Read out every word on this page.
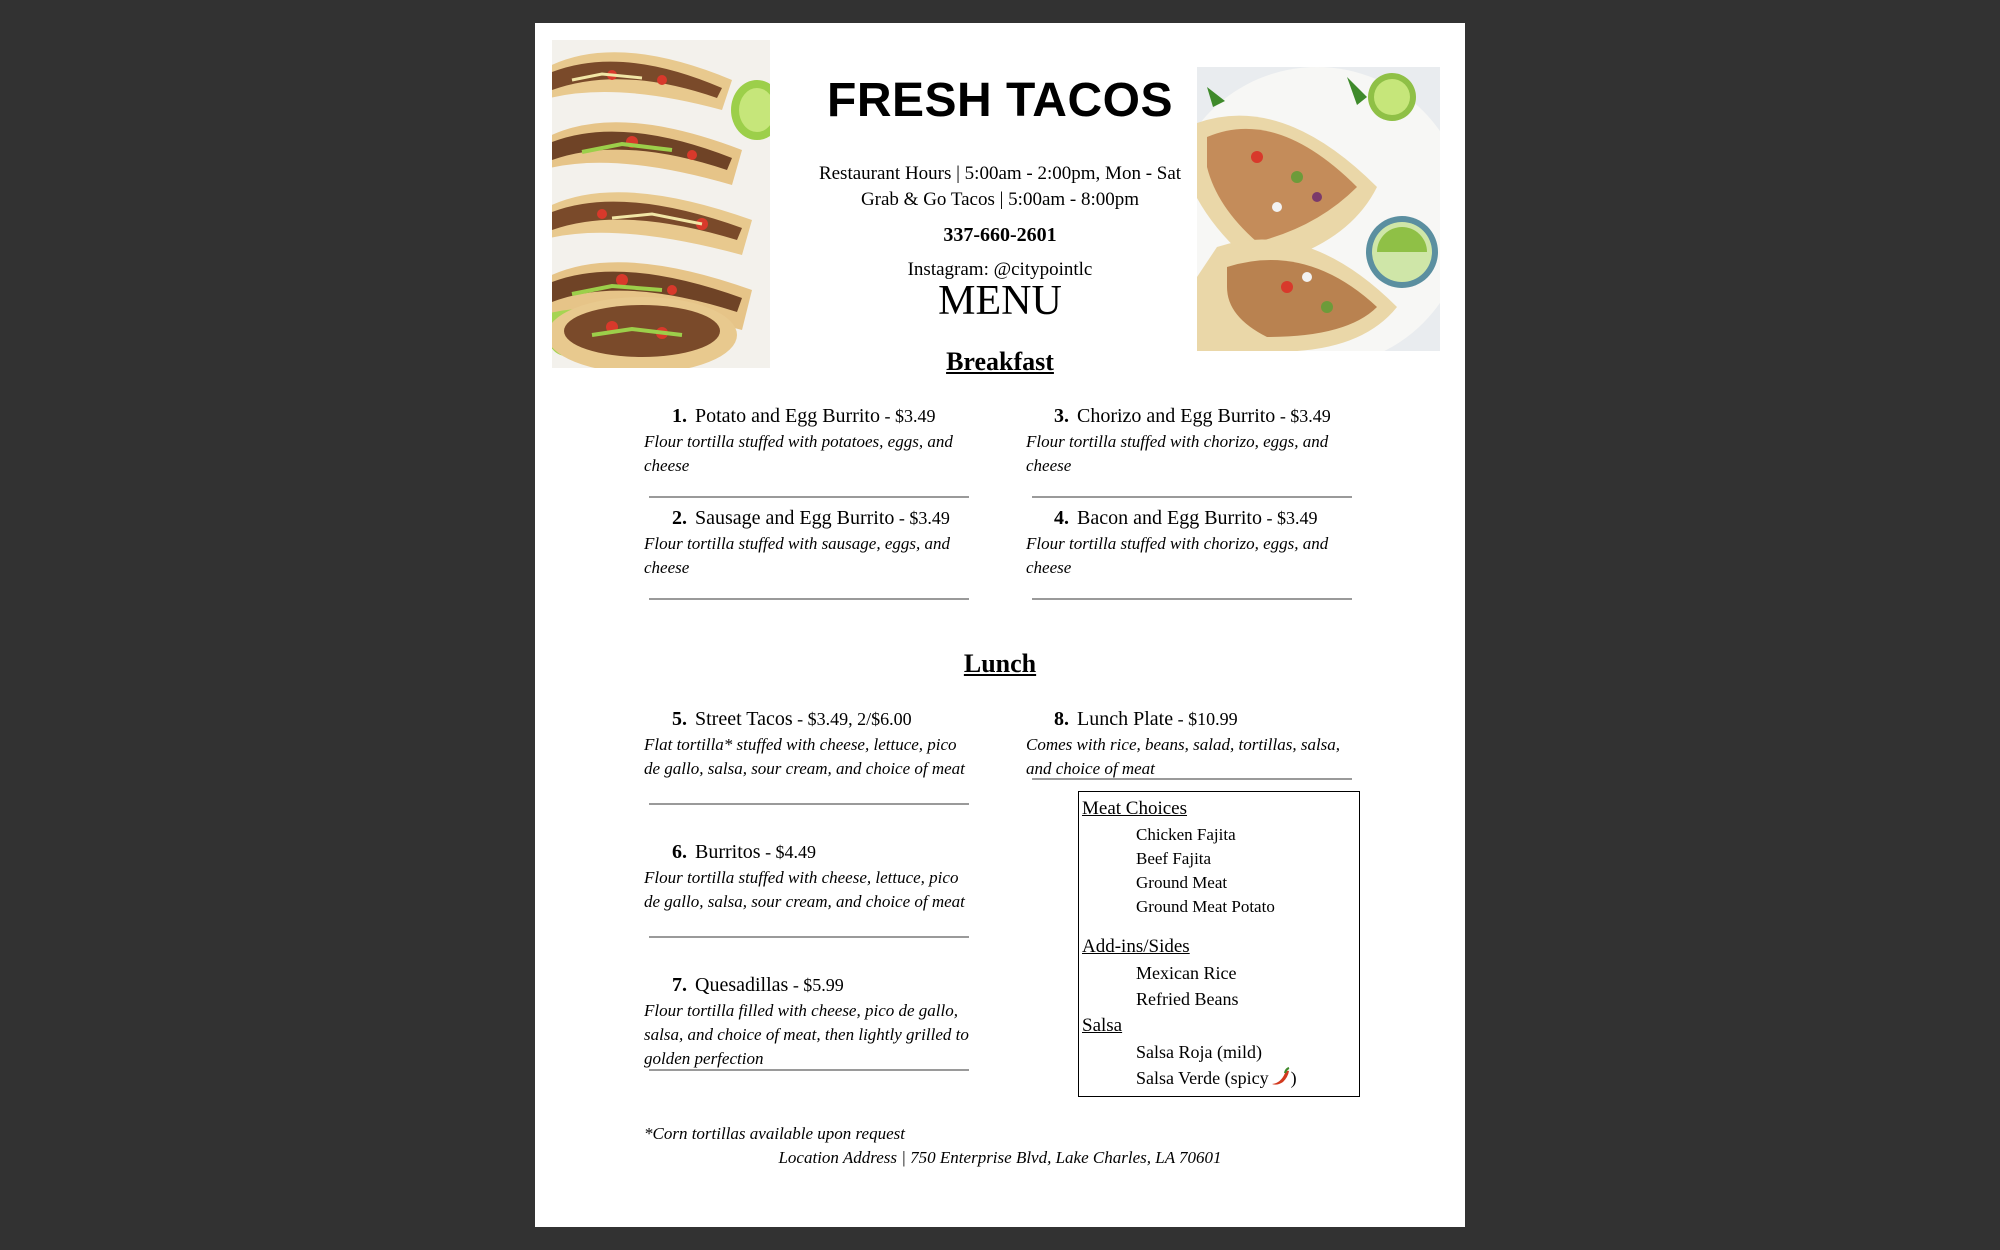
FRESH TACOS
Restaurant Hours | 5:00am - 2:00pm, Mon - Sat
Grab & Go Tacos | 5:00am - 8:00pm
337-660-2601
Instagram: @citypointlc
MENU
Breakfast
1. Potato and Egg Burrito - $3.49
Flour tortilla stuffed with potatoes, eggs, and cheese
2. Sausage and Egg Burrito - $3.49
Flour tortilla stuffed with sausage, eggs, and cheese
3. Chorizo and Egg Burrito - $3.49
Flour tortilla stuffed with chorizo, eggs, and cheese
4. Bacon and Egg Burrito - $3.49
Flour tortilla stuffed with chorizo, eggs, and cheese
Lunch
5. Street Tacos - $3.49, 2/$6.00
Flat tortilla* stuffed with cheese, lettuce, pico de gallo, salsa, sour cream, and choice of meat
6. Burritos - $4.49
Flour tortilla stuffed with cheese, lettuce, pico de gallo, salsa, sour cream, and choice of meat
7. Quesadillas - $5.99
Flour tortilla filled with cheese, pico de gallo, salsa, and choice of meat, then lightly grilled to golden perfection
8. Lunch Plate - $10.99
Comes with rice, beans, salad, tortillas, salsa, and choice of meat
Meat Choices
Chicken Fajita
Beef Fajita
Ground Meat
Ground Meat Potato
Add-ins/Sides
Mexican Rice
Refried Beans
Salsa
Salsa Roja (mild)
Salsa Verde (spicy )
*Corn tortillas available upon request
Location Address | 750 Enterprise Blvd, Lake Charles, LA 70601
